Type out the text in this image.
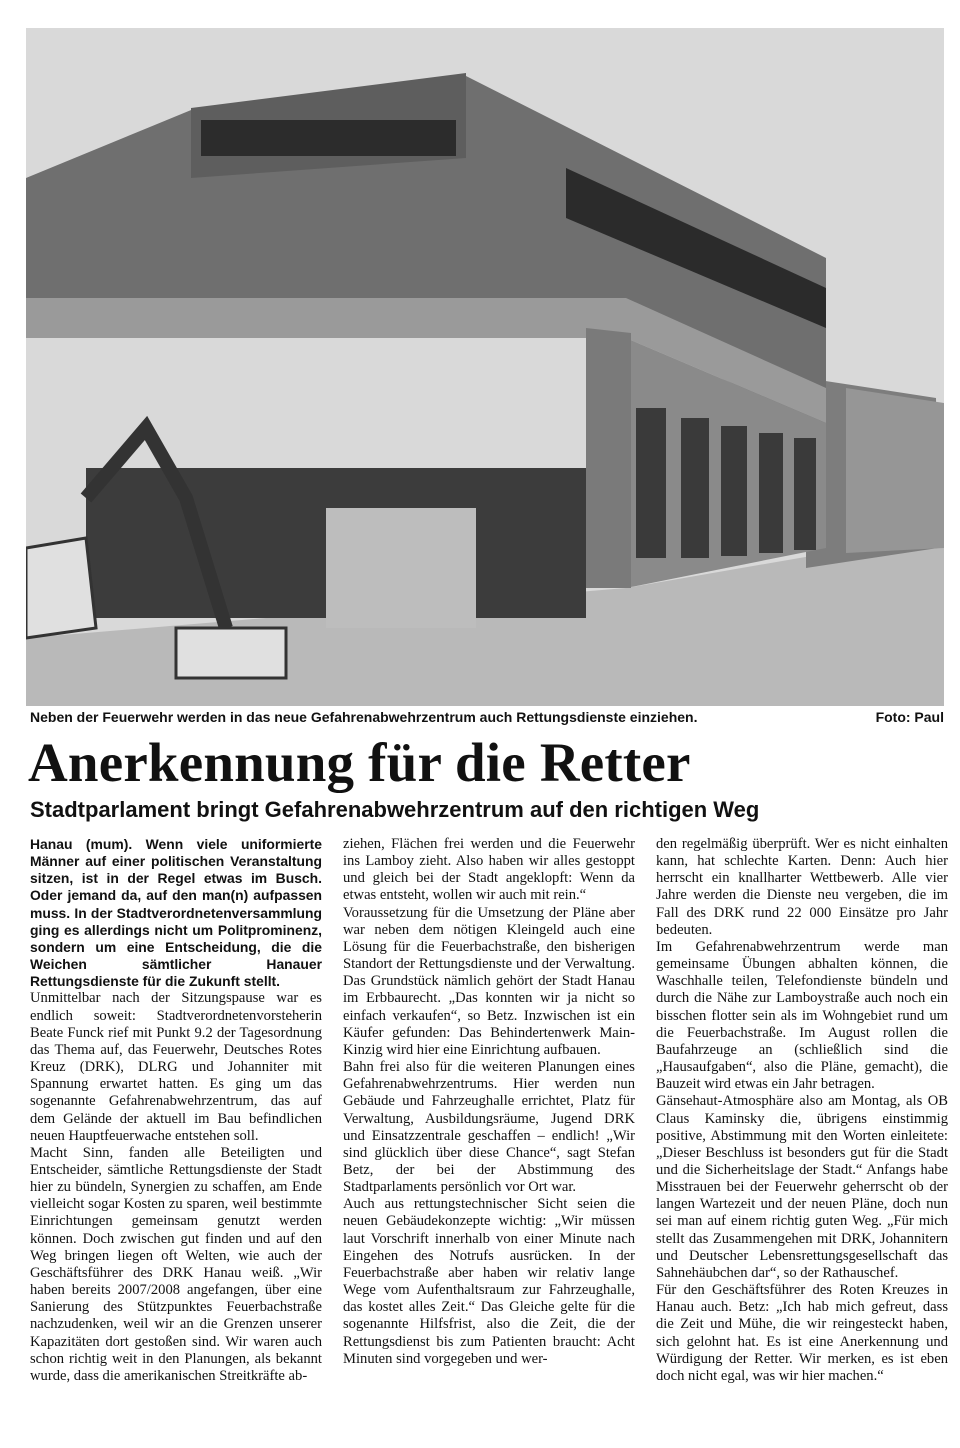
Neben der Feuerwehr werden in das neue Gefahrenabwehrzentrum auch Rettungsdienste einziehen.	Foto: Paul
Anerkennung für die Retter
Stadtparlament bringt Gefahrenabwehrzentrum auf den richtigen Weg

Hanau (mum). Wenn viele uniformierte Männer auf einer politischen Veranstaltung sitzen, ist in der Regel etwas im Busch. Oder jemand da, auf den man(n) aufpassen muss. In der Stadtverordnetenversammlung ging es allerdings nicht um Politprominenz, sondern um eine Entscheidung, die die Weichen sämtlicher Hanauer Rettungsdienste für die Zukunft stellt.

Unmittelbar nach der Sitzungspause war es endlich soweit: Stadtverordnetenvorsteherin Beate Funck rief mit Punkt 9.2 der Tagesordnung das Thema auf, das Feuerwehr, Deutsches Rotes Kreuz (DRK), DLRG und Johanniter mit Spannung erwartet hatten. Es ging um das sogenannte Gefahrenabwehrzentrum, das auf dem Gelände der aktuell im Bau befindlichen neuen Hauptfeuerwache entstehen soll.

Macht Sinn, fanden alle Beteiligten und Entscheider, sämtliche Rettungsdienste der Stadt hier zu bündeln, Synergien zu schaffen, am Ende vielleicht sogar Kosten zu sparen, weil bestimmte Einrichtungen gemeinsam genutzt werden können. Doch zwischen gut finden und auf den Weg bringen liegen oft Welten, wie auch der Geschäftsführer des DRK Hanau weiß. „Wir haben bereits 2007/2008 angefangen, über eine Sanierung des Stützpunktes Feuerbachstraße nachzudenken, weil wir an die Grenzen unserer Kapazitäten dort gestoßen sind. Wir waren auch schon richtig weit in den Planungen, als bekannt wurde, dass die amerikanischen Streitkräfte ab-

ziehen, Flächen frei werden und die Feuerwehr ins Lamboy zieht. Also haben wir alles gestoppt und gleich bei der Stadt angeklopft: Wenn da etwas entsteht, wollen wir auch mit rein.“

Voraussetzung für die Umsetzung der Pläne aber war neben dem nötigen Kleingeld auch eine Lösung für die Feuerbachstraße, den bisherigen Standort der Rettungsdienste und der Verwaltung. Das Grundstück nämlich gehört der Stadt Hanau im Erbbaurecht. „Das konnten wir ja nicht so einfach verkaufen“, so Betz. Inzwischen ist ein Käufer gefunden: Das Behindertenwerk Main-Kinzig wird hier eine Einrichtung aufbauen.

Bahn frei also für die weiteren Planungen eines Gefahrenabwehrzentrums. Hier werden nun Gebäude und Fahrzeughalle errichtet, Platz für Verwaltung, Ausbildungsräume, Jugend DRK und Einsatzzentrale geschaffen – endlich! „Wir sind glücklich über diese Chance“, sagt Stefan Betz, der bei der Abstimmung des Stadtparlaments persönlich vor Ort war.

Auch aus rettungstechnischer Sicht seien die neuen Gebäudekonzepte wichtig: „Wir müssen laut Vorschrift innerhalb von einer Minute nach Eingehen des Notrufs ausrücken. In der Feuerbachstraße aber haben wir relativ lange Wege vom Aufenthaltsraum zur Fahrzeughalle, das kostet alles Zeit.“ Das Gleiche gelte für die sogenannte Hilfsfrist, also die Zeit, die der Rettungsdienst bis zum Patienten braucht: Acht Minuten sind vorgegeben und wer-

den regelmäßig überprüft. Wer es nicht einhalten kann, hat schlechte Karten. Denn: Auch hier herrscht ein knallharter Wettbewerb. Alle vier Jahre werden die Dienste neu vergeben, die im Fall des DRK rund 22 000 Einsätze pro Jahr bedeuten.

Im Gefahrenabwehrzentrum werde man gemeinsame Übungen abhalten können, die Waschhalle teilen, Telefondienste bündeln und durch die Nähe zur Lamboystraße auch noch ein bisschen flotter sein als im Wohngebiet rund um die Feuerbachstraße. Im August rollen die Baufahrzeuge an (schließlich sind die „Hausaufgaben“, also die Pläne, gemacht), die Bauzeit wird etwas ein Jahr betragen.

Gänsehaut-Atmosphäre also am Montag, als OB Claus Kaminsky die, übrigens einstimmig positive, Abstimmung mit den Worten einleitete: „Dieser Beschluss ist besonders gut für die Stadt und die Sicherheitslage der Stadt.“ Anfangs habe Misstrauen bei der Feuerwehr geherrscht ob der langen Wartezeit und der neuen Pläne, doch nun sei man auf einem richtig guten Weg. „Für mich stellt das Zusammengehen mit DRK, Johannitern und Deutscher Lebensrettungsgesellschaft das Sahnehäubchen dar“, so der Rathauschef.

Für den Geschäftsführer des Roten Kreuzes in Hanau auch. Betz: „Ich hab mich gefreut, dass die Zeit und Mühe, die wir reingesteckt haben, sich gelohnt hat. Es ist eine Anerkennung und Würdigung der Retter. Wir merken, es ist eben doch nicht egal, was wir hier machen.“
